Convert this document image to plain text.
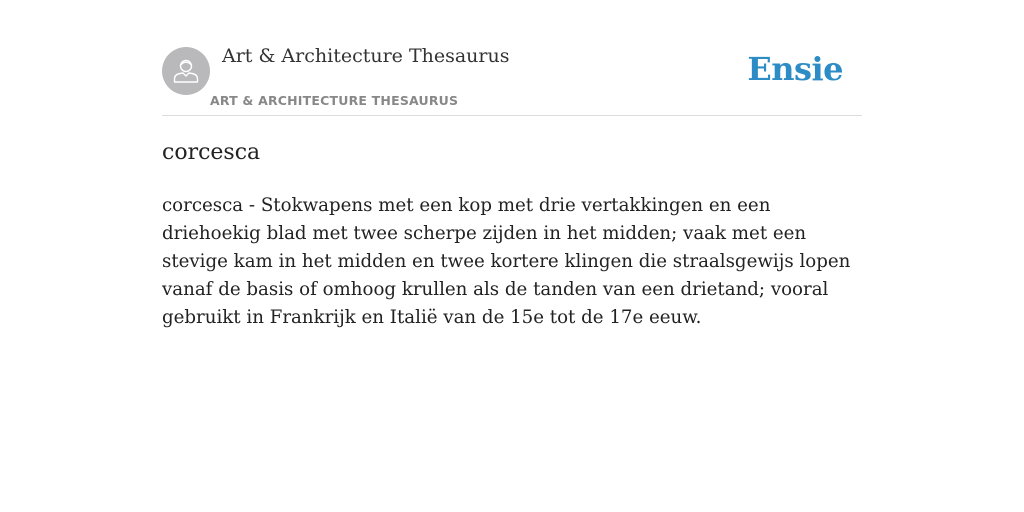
Art & Architecture Thesaurus
ART & ARCHITECTURE THESAURUS
Ensie
corcesca

corcesca - Stokwapens met een kop met drie vertakkingen en een driehoekig blad met twee scherpe zijden in het midden; vaak met een stevige kam in het midden en twee kortere klingen die straalsgewijs lopen vanaf de basis of omhoog krullen als de tanden van een drietand; vooral gebruikt in Frankrijk en Italië van de 15e tot de 17e eeuw.
